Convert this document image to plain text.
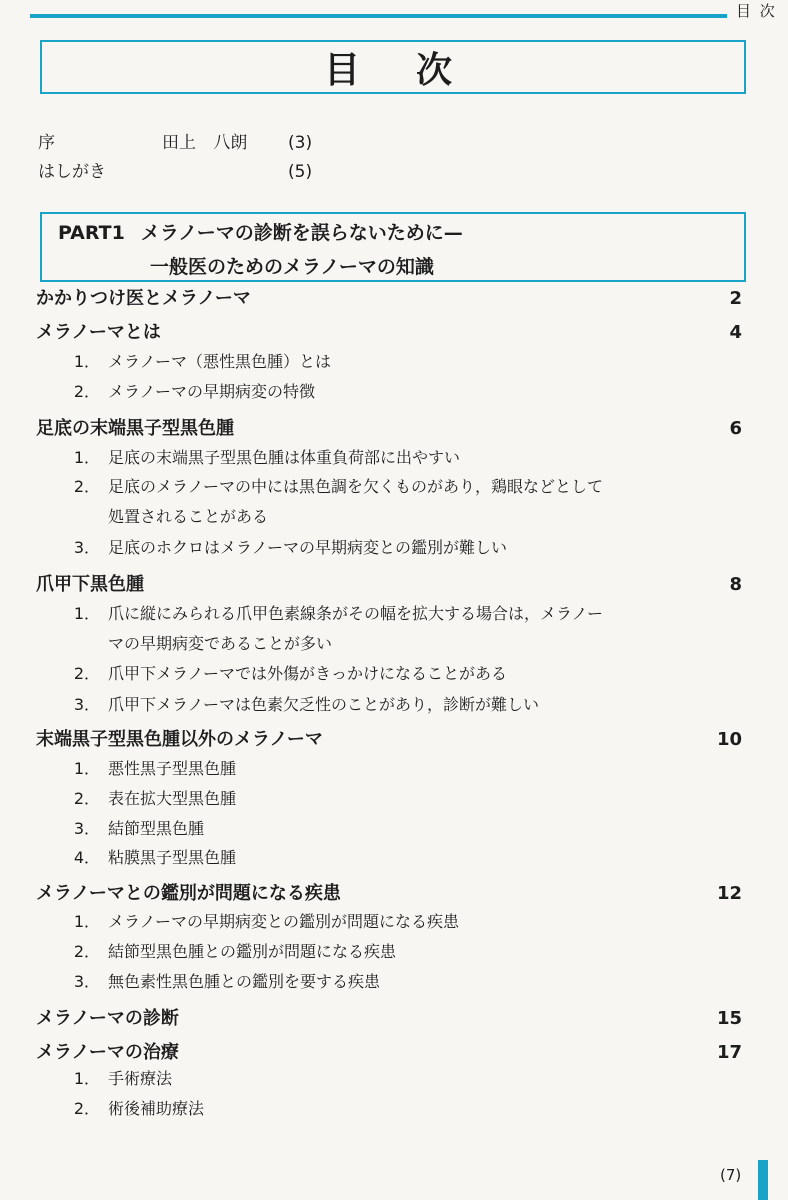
目 次
目　次
序	田上 八朗 (3)
はしがき	(5)
PART1 メラノーマの診断を誤らないために—
一般医のためのメラノーマの知識
かかりつけ医とメラノーマ	2
メラノーマとは	4
1． メラノーマ（悪性黒色腫）とは
2． メラノーマの早期病変の特徴
足底の末端黒子型黒色腫	6
1． 足底の末端黒子型黒色腫は体重負荷部に出やすい
2． 足底のメラノーマの中には黒色調を欠くものがあり，鶏眼などとして
処置されることがある
3． 足底のホクロはメラノーマの早期病変との鑑別が難しい
爪甲下黒色腫	8
1． 爪に縦にみられる爪甲色素線条がその幅を拡大する場合は，メラノー
マの早期病変であることが多い
2． 爪甲下メラノーマでは外傷がきっかけになることがある
3． 爪甲下メラノーマは色素欠乏性のことがあり，診断が難しい
末端黒子型黒色腫以外のメラノーマ	10
1． 悪性黒子型黒色腫
2． 表在拡大型黒色腫
3． 結節型黒色腫
4． 粘膜黒子型黒色腫
メラノーマとの鑑別が問題になる疾患	12
1． メラノーマの早期病変との鑑別が問題になる疾患
2． 結節型黒色腫との鑑別が問題になる疾患
3． 無色素性黒色腫との鑑別を要する疾患
メラノーマの診断	15
メラノーマの治療	17
1． 手術療法
2． 術後補助療法
(7)
